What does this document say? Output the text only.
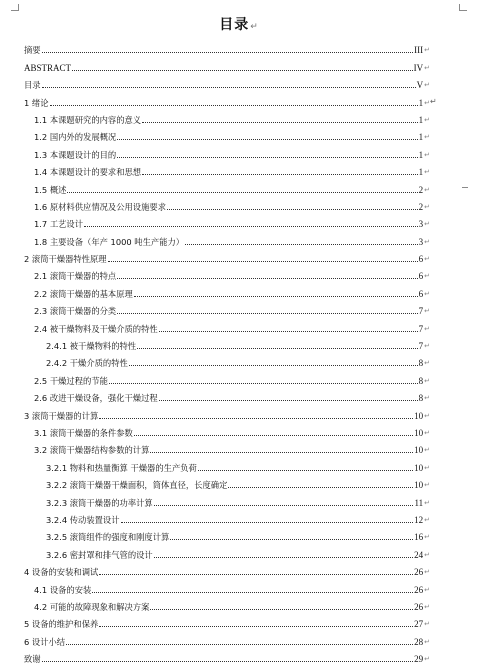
目录↵
摘要	III ↵
ABSTRACT	IV ↵
目录	V ↵
1 绪论	1 ↵ ↵
1.1 本课题研究的内容的意义	1 ↵
1.2 国内外的发展概况	1 ↵
1.3 本课题设计的目的	1 ↵
1.4 本课题设计的要求和思想	1 ↵
1.5 概述	2 ↵
1.6 原材料供应情况及公用设施要求	2 ↵
1.7 工艺设计	3 ↵
1.8 主要设备（年产 1000 吨生产能力）	3 ↵
2 滚筒干燥器特性原理	6 ↵
2.1 滚筒干燥器的特点	6 ↵
2.2 滚筒干燥器的基本原理	6 ↵
2.3 滚筒干燥器的分类	7 ↵
2.4 被干燥物料及干燥介质的特性	7 ↵
2.4.1 被干燥物料的特性	7 ↵
2.4.2 干燥介质的特性	8 ↵
2.5 干燥过程的节能	8 ↵
2.6 改进干燥设备，强化干燥过程	8 ↵
3 滚筒干燥器的计算	10 ↵
3.1 滚筒干燥器的条件参数	10 ↵
3.2 滚筒干燥器结构参数的计算	10 ↵
3.2.1 物料和热量衡算 干燥器的生产负荷	10 ↵
3.2.2 滚筒干燥器干燥面积，筒体直径，长度确定	10 ↵
3.2.3 滚筒干燥器的功率计算	11 ↵
3.2.4 传动装置设计	12 ↵
3.2.5 滚筒组件的强度和刚度计算	16 ↵
3.2.6 密封罩和排气管的设计	24 ↵
4 设备的安装和调试	26 ↵
4.1 设备的安装	26 ↵
4.2 可能的故障现象和解决方案	26 ↵
5 设备的维护和保养	27 ↵
6 设计小结	28 ↵
致谢	29 ↵
